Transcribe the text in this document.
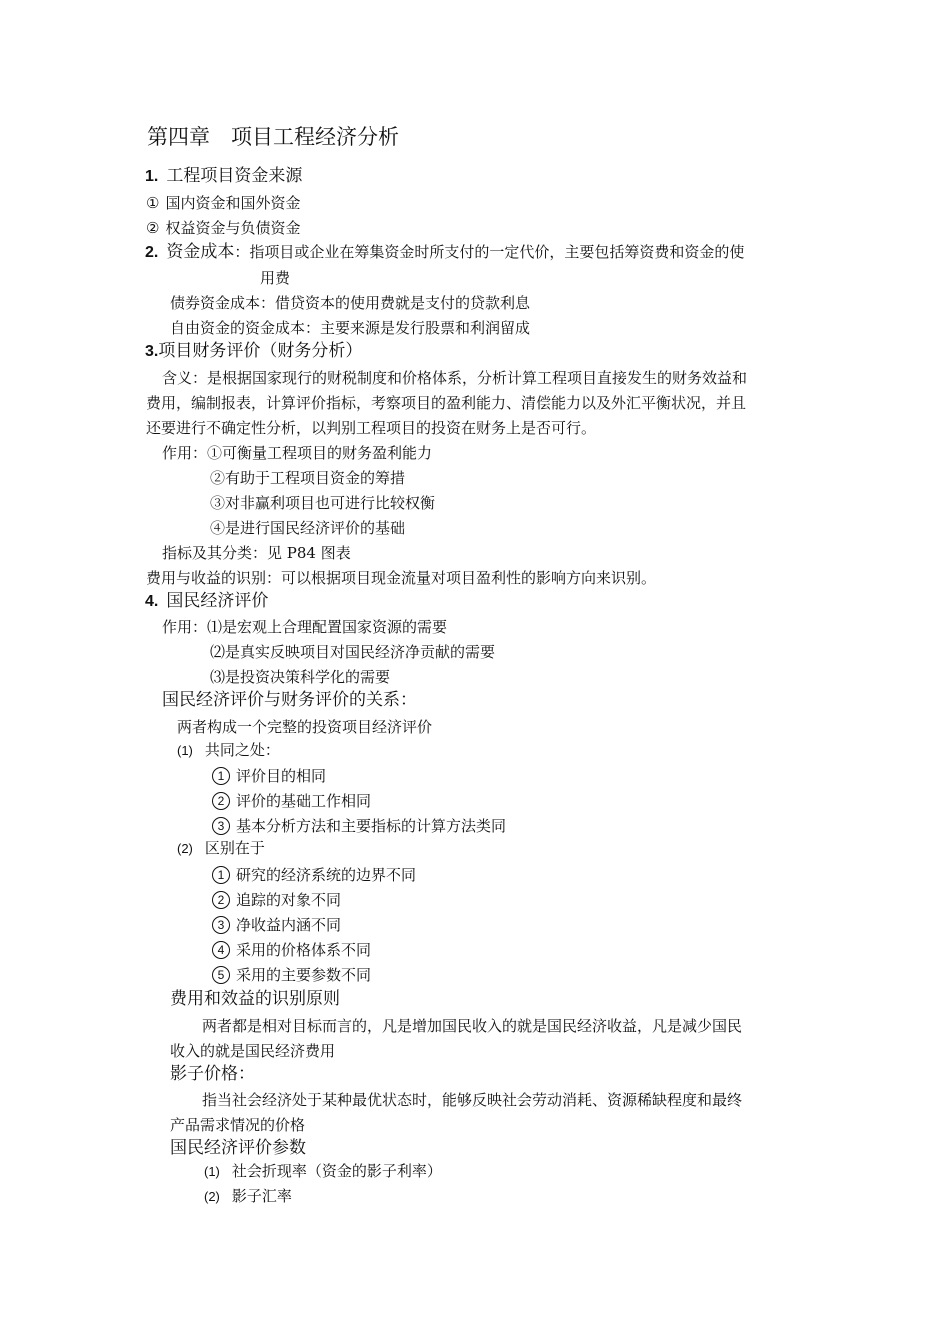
第四章　项目工程经济分析
1. 工程项目资金来源
① 国内资金和国外资金
② 权益资金与负债资金
2. 资金成本：指项目或企业在筹集资金时所支付的一定代价，主要包括筹资费和资金的使
用费
债券资金成本：借贷资本的使用费就是支付的贷款利息
自由资金的资金成本：主要来源是发行股票和利润留成
3.项目财务评价（财务分析）
含义：是根据国家现行的财税制度和价格体系，分析计算工程项目直接发生的财务效益和
费用，编制报表，计算评价指标，考察项目的盈利能力、清偿能力以及外汇平衡状况，并且
还要进行不确定性分析，以判别工程项目的投资在财务上是否可行。
作用：①可衡量工程项目的财务盈利能力
②有助于工程项目资金的筹措
③对非赢利项目也可进行比较权衡
④是进行国民经济评价的基础
指标及其分类：见 P84 图表
费用与收益的识别：可以根据项目现金流量对项目盈利性的影响方向来识别。
4. 国民经济评价
作用：⑴是宏观上合理配置国家资源的需要
⑵是真实反映项目对国民经济净贡献的需要
⑶是投资决策科学化的需要
国民经济评价与财务评价的关系：
两者构成一个完整的投资项目经济评价
(1) 共同之处：
1 评价目的相同
2 评价的基础工作相同
3 基本分析方法和主要指标的计算方法类同
(2) 区别在于
1 研究的经济系统的边界不同
2 追踪的对象不同
3 净收益内涵不同
4 采用的价格体系不同
5 采用的主要参数不同
费用和效益的识别原则
两者都是相对目标而言的，凡是增加国民收入的就是国民经济收益，凡是减少国民
收入的就是国民经济费用
影子价格：
指当社会经济处于某种最优状态时，能够反映社会劳动消耗、资源稀缺程度和最终
产品需求情况的价格
国民经济评价参数
(1) 社会折现率（资金的影子利率）
(2) 影子汇率
